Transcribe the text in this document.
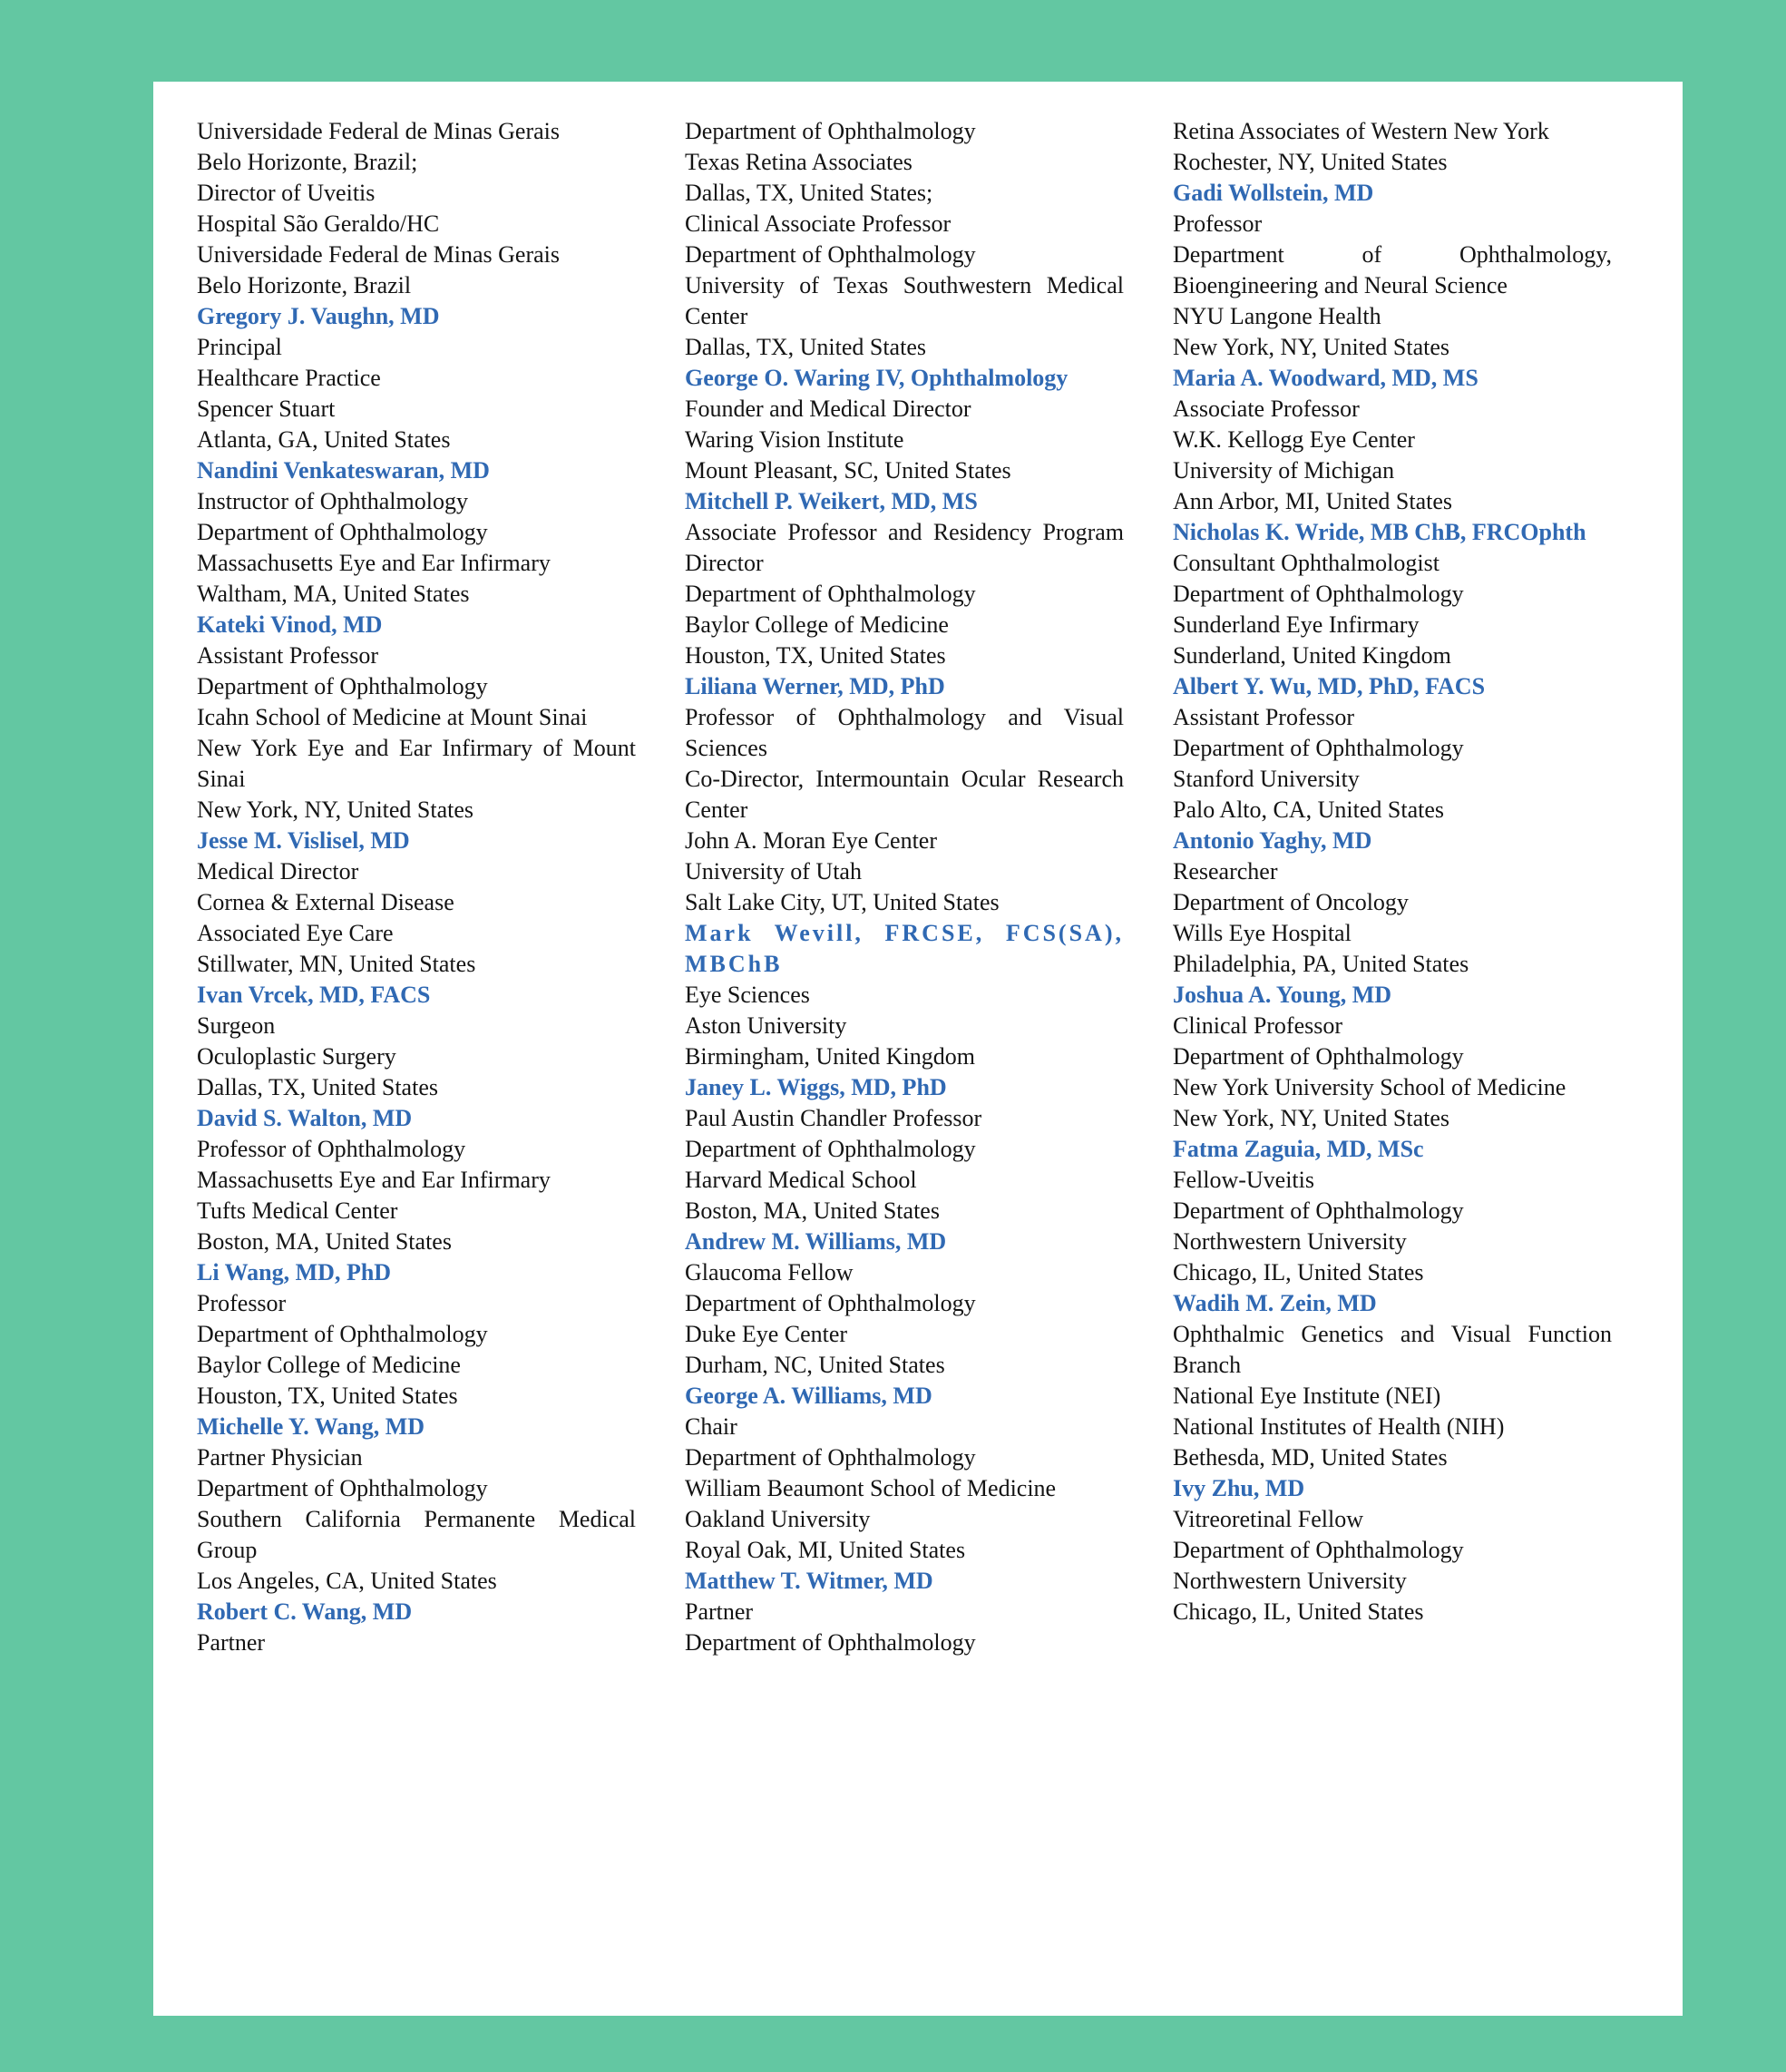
Universidade Federal de Minas Gerais
Belo Horizonte, Brazil;
Director of Uveitis
Hospital São Geraldo/HC
Universidade Federal de Minas Gerais
Belo Horizonte, Brazil
Gregory J. Vaughn, MD
Principal
Healthcare Practice
Spencer Stuart
Atlanta, GA, United States
Nandini Venkateswaran, MD
Instructor of Ophthalmology
Department of Ophthalmology
Massachusetts Eye and Ear Infirmary
Waltham, MA, United States
Kateki Vinod, MD
Assistant Professor
Department of Ophthalmology
Icahn School of Medicine at Mount Sinai
New York Eye and Ear Infirmary of Mount Sinai
New York, NY, United States
Jesse M. Vislisel, MD
Medical Director
Cornea & External Disease
Associated Eye Care
Stillwater, MN, United States
Ivan Vrcek, MD, FACS
Surgeon
Oculoplastic Surgery
Dallas, TX, United States
David S. Walton, MD
Professor of Ophthalmology
Massachusetts Eye and Ear Infirmary
Tufts Medical Center
Boston, MA, United States
Li Wang, MD, PhD
Professor
Department of Ophthalmology
Baylor College of Medicine
Houston, TX, United States
Michelle Y. Wang, MD
Partner Physician
Department of Ophthalmology
Southern California Permanente Medical Group
Los Angeles, CA, United States
Robert C. Wang, MD
Partner
Department of Ophthalmology
Texas Retina Associates
Dallas, TX, United States;
Clinical Associate Professor
Department of Ophthalmology
University of Texas Southwestern Medical Center
Dallas, TX, United States
George O. Waring IV, Ophthalmology
Founder and Medical Director
Waring Vision Institute
Mount Pleasant, SC, United States
Mitchell P. Weikert, MD, MS
Associate Professor and Residency Program Director
Department of Ophthalmology
Baylor College of Medicine
Houston, TX, United States
Liliana Werner, MD, PhD
Professor of Ophthalmology and Visual Sciences
Co-Director, Intermountain Ocular Research Center
John A. Moran Eye Center
University of Utah
Salt Lake City, UT, United States
Mark Wevill, FRCSE, FCS(SA), MBChB
Eye Sciences
Aston University
Birmingham, United Kingdom
Janey L. Wiggs, MD, PhD
Paul Austin Chandler Professor
Department of Ophthalmology
Harvard Medical School
Boston, MA, United States
Andrew M. Williams, MD
Glaucoma Fellow
Department of Ophthalmology
Duke Eye Center
Durham, NC, United States
George A. Williams, MD
Chair
Department of Ophthalmology
William Beaumont School of Medicine
Oakland University
Royal Oak, MI, United States
Matthew T. Witmer, MD
Partner
Department of Ophthalmology
Retina Associates of Western New York
Rochester, NY, United States
Gadi Wollstein, MD
Professor
Department of Ophthalmology, Bioengineering and Neural Science
NYU Langone Health
New York, NY, United States
Maria A. Woodward, MD, MS
Associate Professor
W.K. Kellogg Eye Center
University of Michigan
Ann Arbor, MI, United States
Nicholas K. Wride, MB ChB, FRCOphth
Consultant Ophthalmologist
Department of Ophthalmology
Sunderland Eye Infirmary
Sunderland, United Kingdom
Albert Y. Wu, MD, PhD, FACS
Assistant Professor
Department of Ophthalmology
Stanford University
Palo Alto, CA, United States
Antonio Yaghy, MD
Researcher
Department of Oncology
Wills Eye Hospital
Philadelphia, PA, United States
Joshua A. Young, MD
Clinical Professor
Department of Ophthalmology
New York University School of Medicine
New York, NY, United States
Fatma Zaguia, MD, MSc
Fellow-Uveitis
Department of Ophthalmology
Northwestern University
Chicago, IL, United States
Wadih M. Zein, MD
Ophthalmic Genetics and Visual Function Branch
National Eye Institute (NEI)
National Institutes of Health (NIH)
Bethesda, MD, United States
Ivy Zhu, MD
Vitreoretinal Fellow
Department of Ophthalmology
Northwestern University
Chicago, IL, United States
